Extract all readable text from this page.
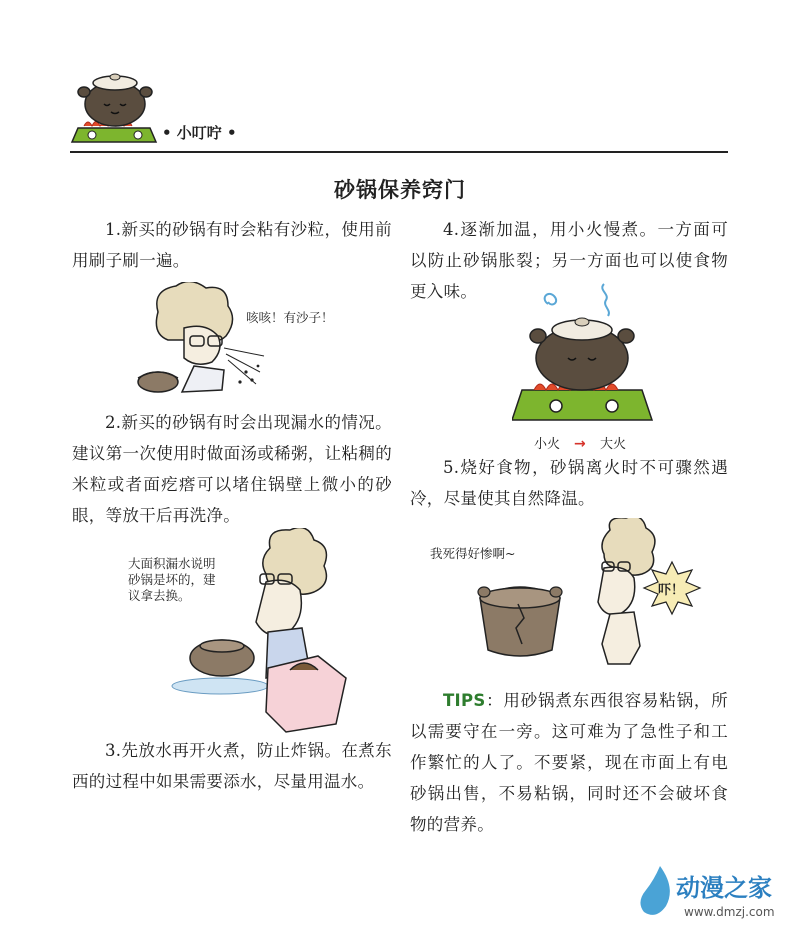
• 小叮咛 •
砂锅保养窍门

1.新买的砂锅有时会粘有沙粒，使用前用刷子刷一遍。

咳咳！有沙子！

2.新买的砂锅有时会出现漏水的情况。建议第一次使用时做面汤或稀粥，让粘稠的米粒或者面疙瘩可以堵住锅壁上微小的砂眼，等放干后再洗净。

大面积漏水说明
砂锅是坏的，建
议拿去换。

3.先放水再开火煮，防止炸锅。在煮东西的过程中如果需要添水，尽量用温水。

4.逐渐加温，用小火慢煮。一方面可以防止砂锅胀裂；另一方面也可以使食物更入味。

小火 → 大火

5.烧好食物，砂锅离火时不可骤然遇冷，尽量使其自然降温。

我死得好惨啊~
吓！

TIPS：用砂锅煮东西很容易粘锅，所以需要守在一旁。这可难为了急性子和工作繁忙的人了。不要紧，现在市面上有电砂锅出售，不易粘锅，同时还不会破坏食物的营养。

动漫之家
www.dmzj.com
